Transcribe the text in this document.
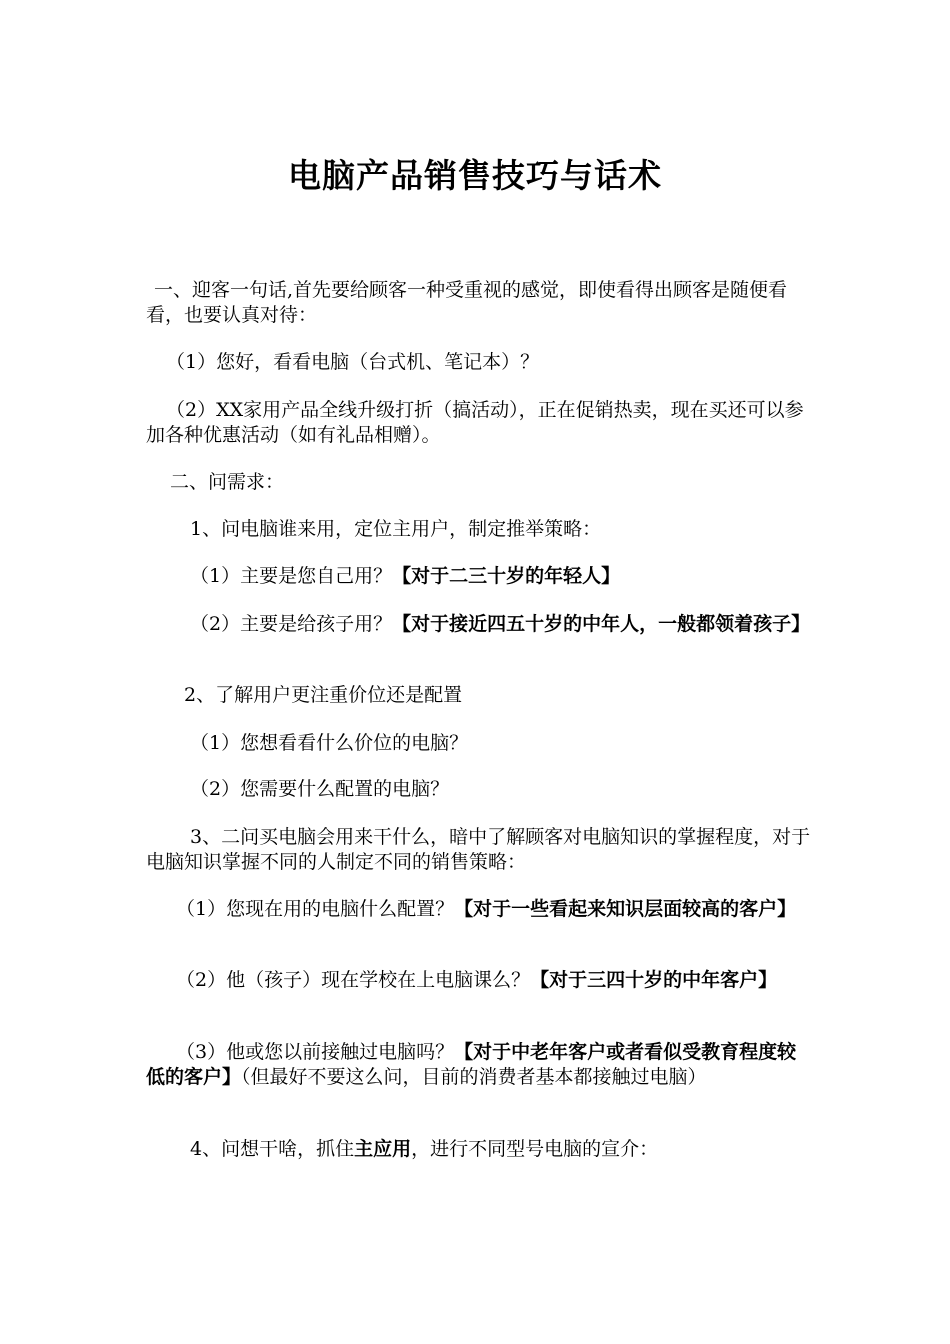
电脑产品销售技巧与话术

一、迎客一句话,首先要给顾客一种受重视的感觉，即使看得出顾客是随便看看，也要认真对待：

（1）您好，看看电脑（台式机、笔记本）？

（2）XX家用产品全线升级打折（搞活动），正在促销热卖，现在买还可以参加各种优惠活动（如有礼品相赠）。

二、问需求：

1、问电脑谁来用，定位主用户，制定推举策略：

（1）主要是您自己用？【对于二三十岁的年轻人】

（2）主要是给孩子用？【对于接近四五十岁的中年人，一般都领着孩子】

2、了解用户更注重价位还是配置

（1）您想看看什么价位的电脑？

（2）您需要什么配置的电脑？

3、二问买电脑会用来干什么，暗中了解顾客对电脑知识的掌握程度，对于电脑知识掌握不同的人制定不同的销售策略：

（1）您现在用的电脑什么配置？【对于一些看起来知识层面较高的客户】

（2）他（孩子）现在学校在上电脑课么？【对于三四十岁的中年客户】

（3）他或您以前接触过电脑吗？【对于中老年客户或者看似受教育程度较低的客户】（但最好不要这么问，目前的消费者基本都接触过电脑）

4、问想干啥，抓住主应用，进行不同型号电脑的宣介：
